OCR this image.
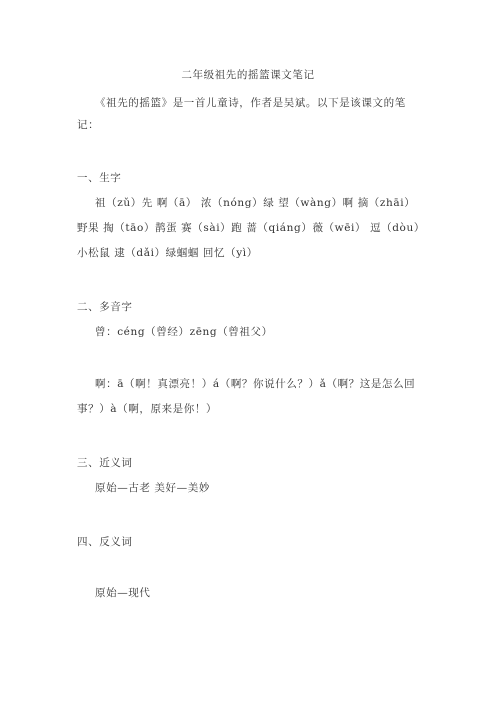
二年级祖先的摇篮课文笔记
《祖先的摇篮》是一首儿童诗，作者是吴斌。以下是该课文的笔
记：
一、生字
祖（zǔ）先 啊（ā） 浓（nóng）绿 望（wàng）啊 摘（zhāi）
野果 掏（tāo）鹊蛋 赛（sài）跑 蔷（qiáng）薇（wēi） 逗（dòu）
小松鼠 逮（dǎi）绿蝈蝈 回忆（yì）
二、多音字
曾：céng（曾经）zēng（曾祖父）
啊：ā（啊！真漂亮！）á（啊？你说什么？）ǎ（啊？这是怎么回
事？）à（啊，原来是你！）
三、近义词
原始—古老 美好—美妙
四、反义词
原始—现代
